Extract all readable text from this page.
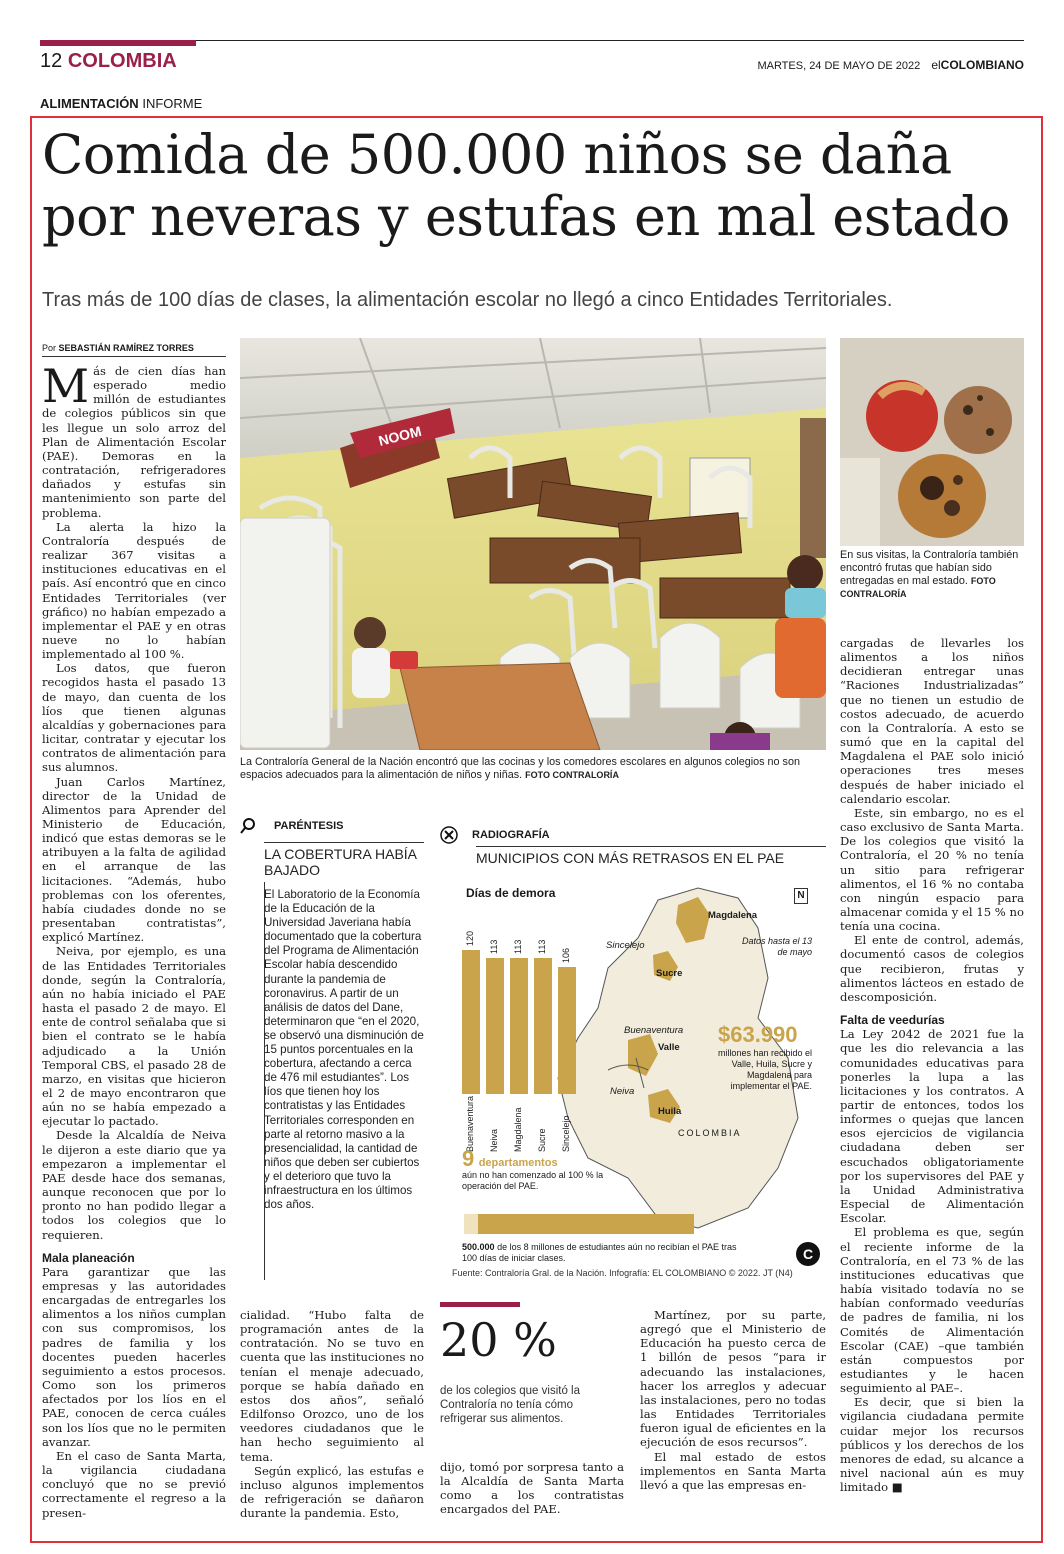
12 COLOMBIA	MARTES, 24 DE MAYO DE 2022 elCOLOMBIANO
ALIMENTACIÓN INFORME
Comida de 500.000 niños se daña
por neveras y estufas en mal estado
Tras más de 100 días de clases, la alimentación escolar no llegó a cinco Entidades Territoriales.
Por SEBASTIÁN RAMÍREZ TORRES

Más de cien días han esperado medio millón de estudiantes de colegios públicos sin que les llegue un solo arroz del Plan de Alimentación Escolar (PAE). Demoras en la contratación, refrigeradores dañados y estufas sin mantenimiento son parte del problema.

La alerta la hizo la Contraloría después de realizar 367 visitas a instituciones educativas en el país. Así encontró que en cinco Entidades Territoriales (ver gráfico) no habían empezado a implementar el PAE y en otras nueve no lo habían implementado al 100 %.

Los datos, que fueron recogidos hasta el pasado 13 de mayo, dan cuenta de los líos que tienen algunas alcaldías y gobernaciones para licitar, contratar y ejecutar los contratos de alimentación para sus alumnos.

Juan Carlos Martínez, director de la Unidad de Alimentos para Aprender del Ministerio de Educación, indicó que estas demoras se le atribuyen a la falta de agilidad en el arranque de las licitaciones. “Además, hubo problemas con los oferentes, había ciudades donde no se presentaban contratistas”, explicó Martínez.

Neiva, por ejemplo, es una de las Entidades Territoriales donde, según la Contraloría, aún no había iniciado el PAE hasta el pasado 2 de mayo. El ente de control señalaba que si bien el contrato se le había adjudicado a la Unión Temporal CBS, el pasado 28 de marzo, en visitas que hicieron el 2 de mayo encontraron que aún no se había empezado a ejecutar lo pactado.

Desde la Alcaldía de Neiva le dijeron a este diario que ya empezaron a implementar el PAE desde hace dos semanas, aunque reconocen que por lo pronto no han podido llegar a todos los colegios que lo requieren.

Mala planeación

Para garantizar que las empresas y las autoridades encargadas de entregarles los alimentos a los niños cumplan con sus compromisos, los padres de familia y los docentes pueden hacerles seguimiento a estos procesos. Como son los primeros afectados por los líos en el PAE, conocen de cerca cuáles son los líos que no le permiten avanzar.

En el caso de Santa Marta, la vigilancia ciudadana concluyó que no se previó correctamente el regreso a la presen-

NOOM
La Contraloría General de la Nación encontró que las cocinas y los comedores escolares en algunos colegios no son espacios adecuados para la alimentación de niños y niñas. FOTO CONTRALORÍA
En sus visitas, la Contraloría también encontró frutas que habían sido entregadas en mal estado. FOTO CONTRALORÍA
PARÉNTESIS
LA COBERTURA HABÍA BAJADO
El Laboratorio de la Economía de la Educación de la Universidad Javeriana había documentado que la cobertura del Programa de Alimentación Escolar había descendido durante la pandemia de coronavirus. A partir de un análisis de datos del Dane, determinaron que “en el 2020, se observó una disminución de 15 puntos porcentuales en la cobertura, afectando a cerca de 476 mil estudiantes”. Los líos que tienen hoy los contratistas y las Entidades Territoriales corresponden en parte al retorno masivo a la presencialidad, la cantidad de niños que deben ser cubiertos y el deterioro que tuvo la infraestructura en los últimos dos años.
RADIOGRAFÍA
MUNICIPIOS CON MÁS RETRASOS EN EL PAE
Días de demora	N
Datos hasta el 13 de mayo
120
Buenaventura
113
Neiva
113
Magdalena
113
Sucre
106
Sincelejo
Magdalena
Sincelejo
Sucre
Buenaventura
Valle
Neiva
Huila
$63.990
millones han recibido el Valle, Huila, Sucre y Magdalena para implementar el PAE.
COLOMBIA
9 departamentos
aún no han comenzado al 100 % la operación del PAE.
500.000 de los 8 millones de estudiantes aún no recibían el PAE tras 100 días de iniciar clases.	C
Fuente: Contraloría Gral. de la Nación. Infografía: EL COLOMBIANO © 2022. JT (N4)

cialidad. “Hubo falta de programación antes de la contratación. No se tuvo en cuenta que las instituciones no tenían el menaje adecuado, porque se había dañado en estos dos años”, señaló Edilfonso Orozco, uno de los veedores ciudadanos que le han hecho seguimiento al tema.

Según explicó, las estufas e incluso algunos implementos de refrigeración se dañaron durante la pandemia. Esto,

20 %
de los colegios que visitó la Contraloría no tenía cómo refrigerar sus alimentos.

dijo, tomó por sorpresa tanto a la Alcaldía de Santa Marta como a los contratistas encargados del PAE.

Martínez, por su parte, agregó que el Ministerio de Educación ha puesto cerca de 1 billón de pesos “para ir adecuando las instalaciones, hacer los arreglos y adecuar las instalaciones, pero no todas las Entidades Territoriales fueron igual de eficientes en la ejecución de esos recursos”.

El mal estado de estos implementos en Santa Marta llevó a que las empresas en-

cargadas de llevarles los alimentos a los niños decidieran entregar unas “Raciones Industrializadas” que no tienen un estudio de costos adecuado, de acuerdo con la Contraloría. A esto se sumó que en la capital del Magdalena el PAE solo inició operaciones tres meses después de haber iniciado el calendario escolar.

Este, sin embargo, no es el caso exclusivo de Santa Marta. De los colegios que visitó la Contraloría, el 20 % no tenía un sitio para refrigerar alimentos, el 16 % no contaba con ningún espacio para almacenar comida y el 15 % no tenía una cocina.

El ente de control, además, documentó casos de colegios que recibieron, frutas y alimentos lácteos en estado de descomposición.

Falta de veedurías

La Ley 2042 de 2021 fue la que les dio relevancia a las comunidades educativas para ponerles la lupa a las licitaciones y los contratos. A partir de entonces, todos los informes o quejas que lancen esos ejercicios de vigilancia ciudadana deben ser escuchados obligatoriamente por los supervisores del PAE y la Unidad Administrativa Especial de Alimentación Escolar.

El problema es que, según el reciente informe de la Contraloría, en el 73 % de las instituciones educativas que había visitado todavía no se habían conformado veedurías de padres de familia, ni los Comités de Alimentación Escolar (CAE) –que también están compuestos por estudiantes y le hacen seguimiento al PAE–.

Es decir, que si bien la vigilancia ciudadana permite cuidar mejor los recursos públicos y los derechos de los menores de edad, su alcance a nivel nacional aún es muy limitado ■
